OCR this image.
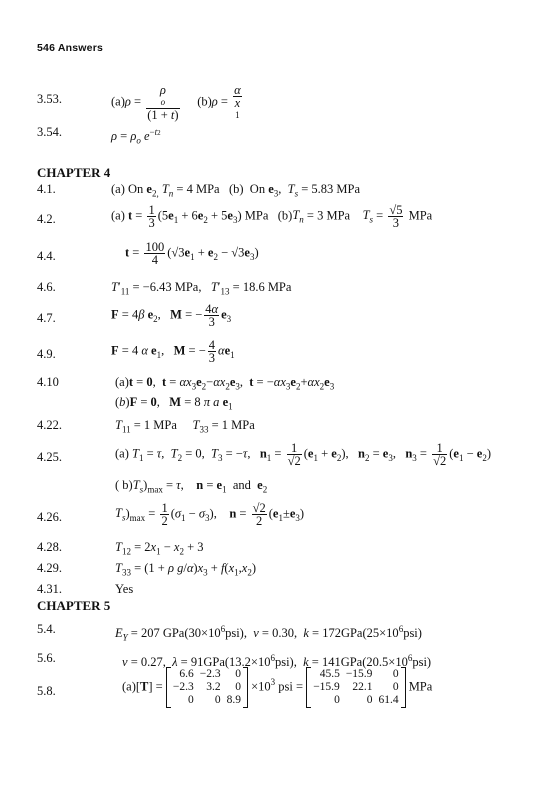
546 Answers
3.53.	(a)ρ = ρ
o
(1 + t) (b)ρ = α
x
1
3.54.	$\rho = \rho_o$ $e^{-t2}$
CHAPTER 4
4.1.	(a) On $e_{2,}$ $T_n = 4$ MPa   (b)  On $e_3$,  $T_s = 5.83$ MPa
4.2.	(a) $t = \frac{1}{3} (5e_1 + 6e_2 + 5e_3)$ MPa   $(b)T_n = 3$ MPa    $T_s = \frac{√5}{3}$ MPa
4.4.	$t = \frac{100}{4} (√3e_1 + e_2 - √3e_3)$
4.6.	$T'_{11} = -6.43$ MPa,   $T'_{13} = 18.6$ MPa
4.7.	F = 4β $e_2$,   M = − $\frac{4\alpha}{3} e_3$
4.9.	F = 4 α $e_1$,   M = − $\frac{4}{3} \alpha e_1$
4.10	(a)t = 0,  $t = \alpha x_3e_2-\alpha x_2e_3$,  $t = -\alpha x_3e_2+\alpha x_2e_3$
(b)F = 0,   M = 8 π a $e_1$
4.22.	$T_{11} = 1$ MPa     $T_{33} = 1$ MPa
4.25.	(a) $T_1 = \tau$,  $T_2 = 0$,  $T_3 = -\tau$,   $n_1 = \frac{1}{√2} (e_1 + e_2)$,   $n_2 = e_3$,   $n_3 = \frac{1}{√2} (e_1 - e_2)$
( $b)T_s)_{max} = \tau$,    $n = e_1$  and  $e_2$
4.26.	$T_s)_{max} = \frac{1}{2} (\sigma_1 - \sigma_3)$,    $n = \frac{√2}{2} (e_1\pm e_3)$
4.28.	$T_{12} = 2x_1 - x_2 + 3$
4.29.	$T_{33} = (1 + \rho$ $g/\alpha)x_3 + f(x_1,x_2)$
4.31.	Yes
CHAPTER 5
5.4.	$E_Y = 207$ $GPa(30\times 10^6psi)$,  ν = 0.30,  $k = 172GPa(25\times 10^6psi)$
5.6.	ν = 0.27,  $\lambda = 91GPa(13.2\times 10^6psi)$,  $k = 141GPa(20.5\times 10^6psi)$
5.8.	(a)[T] =
6.6	−2.3	0
−2.3	3.2	0
0	0	8.9
$\times 10^3$ psi =
45.5	−15.9	0
−15.9	22.1	0
0	0	61.4
MPa
